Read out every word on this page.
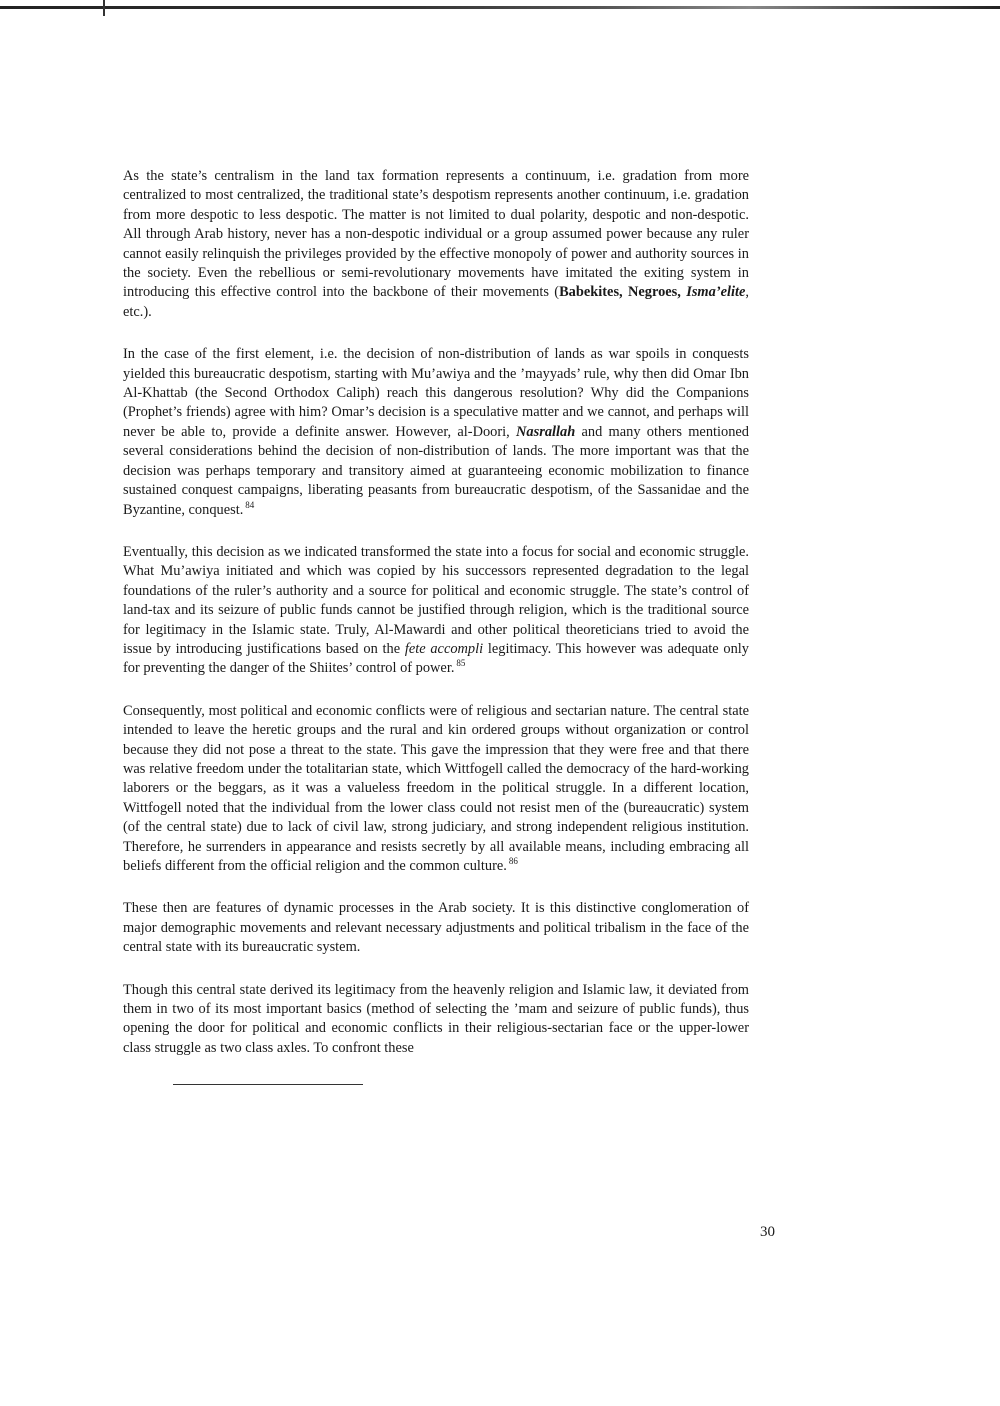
As the state’s centralism in the land tax formation represents a continuum, i.e. gradation from more centralized to most centralized, the traditional state’s despotism represents another continuum, i.e. gradation from more despotic to less despotic. The matter is not limited to dual polarity, despotic and non-despotic. All through Arab history, never has a non-despotic individual or a group assumed power because any ruler cannot easily relinquish the privileges provided by the effective monopoly of power and authority sources in the society. Even the rebellious or semi-revolutionary movements have imitated the exiting system in introducing this effective control into the backbone of their movements (Babekites, Negroes, Isma’elite, etc.).

In the case of the first element, i.e. the decision of non-distribution of lands as war spoils in conquests yielded this bureaucratic despotism, starting with Mu’awiya and the ’mayyads’ rule, why then did Omar Ibn Al-Khattab (the Second Orthodox Caliph) reach this dangerous resolution? Why did the Companions (Prophet’s friends) agree with him? Omar’s decision is a speculative matter and we cannot, and perhaps will never be able to, provide a definite answer. However, al-Doori, Nasrallah and many others mentioned several considerations behind the decision of non-distribution of lands. The more important was that the decision was perhaps temporary and transitory aimed at guaranteeing economic mobilization to finance sustained conquest campaigns, liberating peasants from bureaucratic despotism, of the Sassanidae and the Byzantine, conquest. $^{84}$

Eventually, this decision as we indicated transformed the state into a focus for social and economic struggle. What Mu’awiya initiated and which was copied by his successors represented degradation to the legal foundations of the ruler’s authority and a source for political and economic struggle. The state’s control of land-tax and its seizure of public funds cannot be justified through religion, which is the traditional source for legitimacy in the Islamic state. Truly, Al-Mawardi and other political theoreticians tried to avoid the issue by introducing justifications based on the fete accompli legitimacy. This however was adequate only for preventing the danger of the Shiites’ control of power. $^{85}$

Consequently, most political and economic conflicts were of religious and sectarian nature. The central state intended to leave the heretic groups and the rural and kin ordered groups without organization or control because they did not pose a threat to the state. This gave the impression that they were free and that there was relative freedom under the totalitarian state, which Wittfogell called the democracy of the hard-working laborers or the beggars, as it was a valueless freedom in the political struggle. In a different location, Wittfogell noted that the individual from the lower class could not resist men of the (bureaucratic) system (of the central state) due to lack of civil law, strong judiciary, and strong independent religious institution. Therefore, he surrenders in appearance and resists secretly by all available means, including embracing all beliefs different from the official religion and the common culture. $^{86}$

These then are features of dynamic processes in the Arab society. It is this distinctive conglomeration of major demographic movements and relevant necessary adjustments and political tribalism in the face of the central state with its bureaucratic system.

Though this central state derived its legitimacy from the heavenly religion and Islamic law, it deviated from them in two of its most important basics (method of selecting the ’mam and seizure of public funds), thus opening the door for political and economic conflicts in their religious-sectarian face or the upper-lower class struggle as two class axles. To confront these

30
